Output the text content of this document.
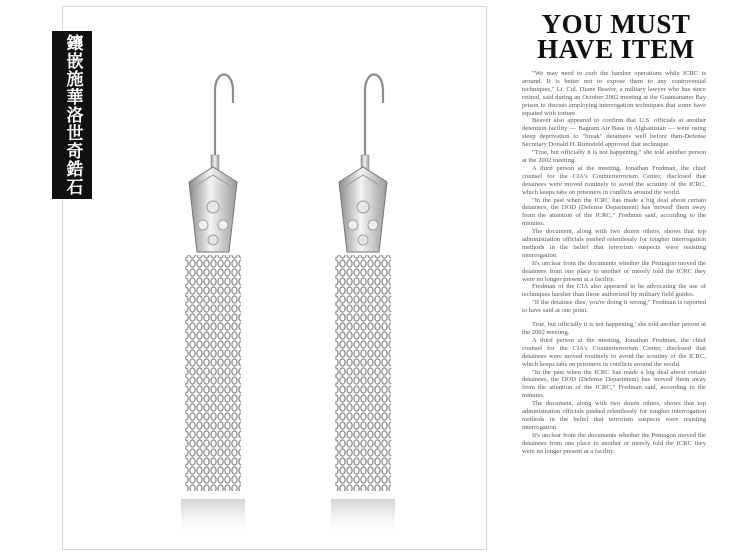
鑲嵌施華洛世奇鋯石
YOU MUST
HAVE ITEM

"We may need to curb the harsher operations while ICRC is around. It is better not to expose them to any controversial techniques," Lt. Col. Diane Beaver, a military lawyer who has since retired, said during an October 2002 meeting at the Guantanamo Bay prison to discuss employing interrogation techniques that some have equated with torture.

Beaver also appeared to confirm that U.S. officials at another detention facility — Bagram Air Base in Afghanistan — were using sleep deprivation to "break" detainees well before then-Defense Secretary Donald H. Rumsfeld approved that technique.

"True, but officially it is not happening," she told another person at the 2002 meeting.

A third person at the meeting, Jonathan Fredman, the chief counsel for the CIA's Counterterrorism Center, disclosed that detainees were moved routinely to avoid the scrutiny of the ICRC, which keeps tabs on prisoners in conflicts around the world.

"In the past when the ICRC has made a big deal about certain detainees, the DOD (Defense Department) has 'moved' them away from the attention of the ICRC," Fredman said, according to the minutes.

The document, along with two dozen others, shows that top administration officials pushed relentlessly for tougher interrogation methods in the belief that terrorism suspects were resisting interrogation.

It's unclear from the documents whether the Pentagon moved the detainees from one place to another or merely told the ICRC they were no longer present at a facility.

Fredman of the CIA also appeared to be advocating the use of techniques harsher than those authorized by military field guides.

"If the detainee dies, you're doing it wrong," Fredman is reported to have said at one point.

True, but officially it is not happening,' she told another person at the 2002 meeting.

A third person at the meeting, Jonathan Fredman, the chief counsel for the CIA's Counterterrorism Center, disclosed that detainees were moved routinely to avoid the scrutiny of the ICRC, which keeps tabs on prisoners in conflicts around the world.

"In the past when the ICRC has made a big deal about certain detainees, the DOD (Defense Department) has 'moved' them away from the attention of the ICRC," Fredman said, according to the minutes.

The document, along with two dozen others, shows that top administration officials pushed relentlessly for tougher interrogation methods in the belief that terrorism suspects were resisting interrogation.

It's unclear from the documents whether the Pentagon moved the detainees from one place to another or merely told the ICRC they were no longer present at a facility.
